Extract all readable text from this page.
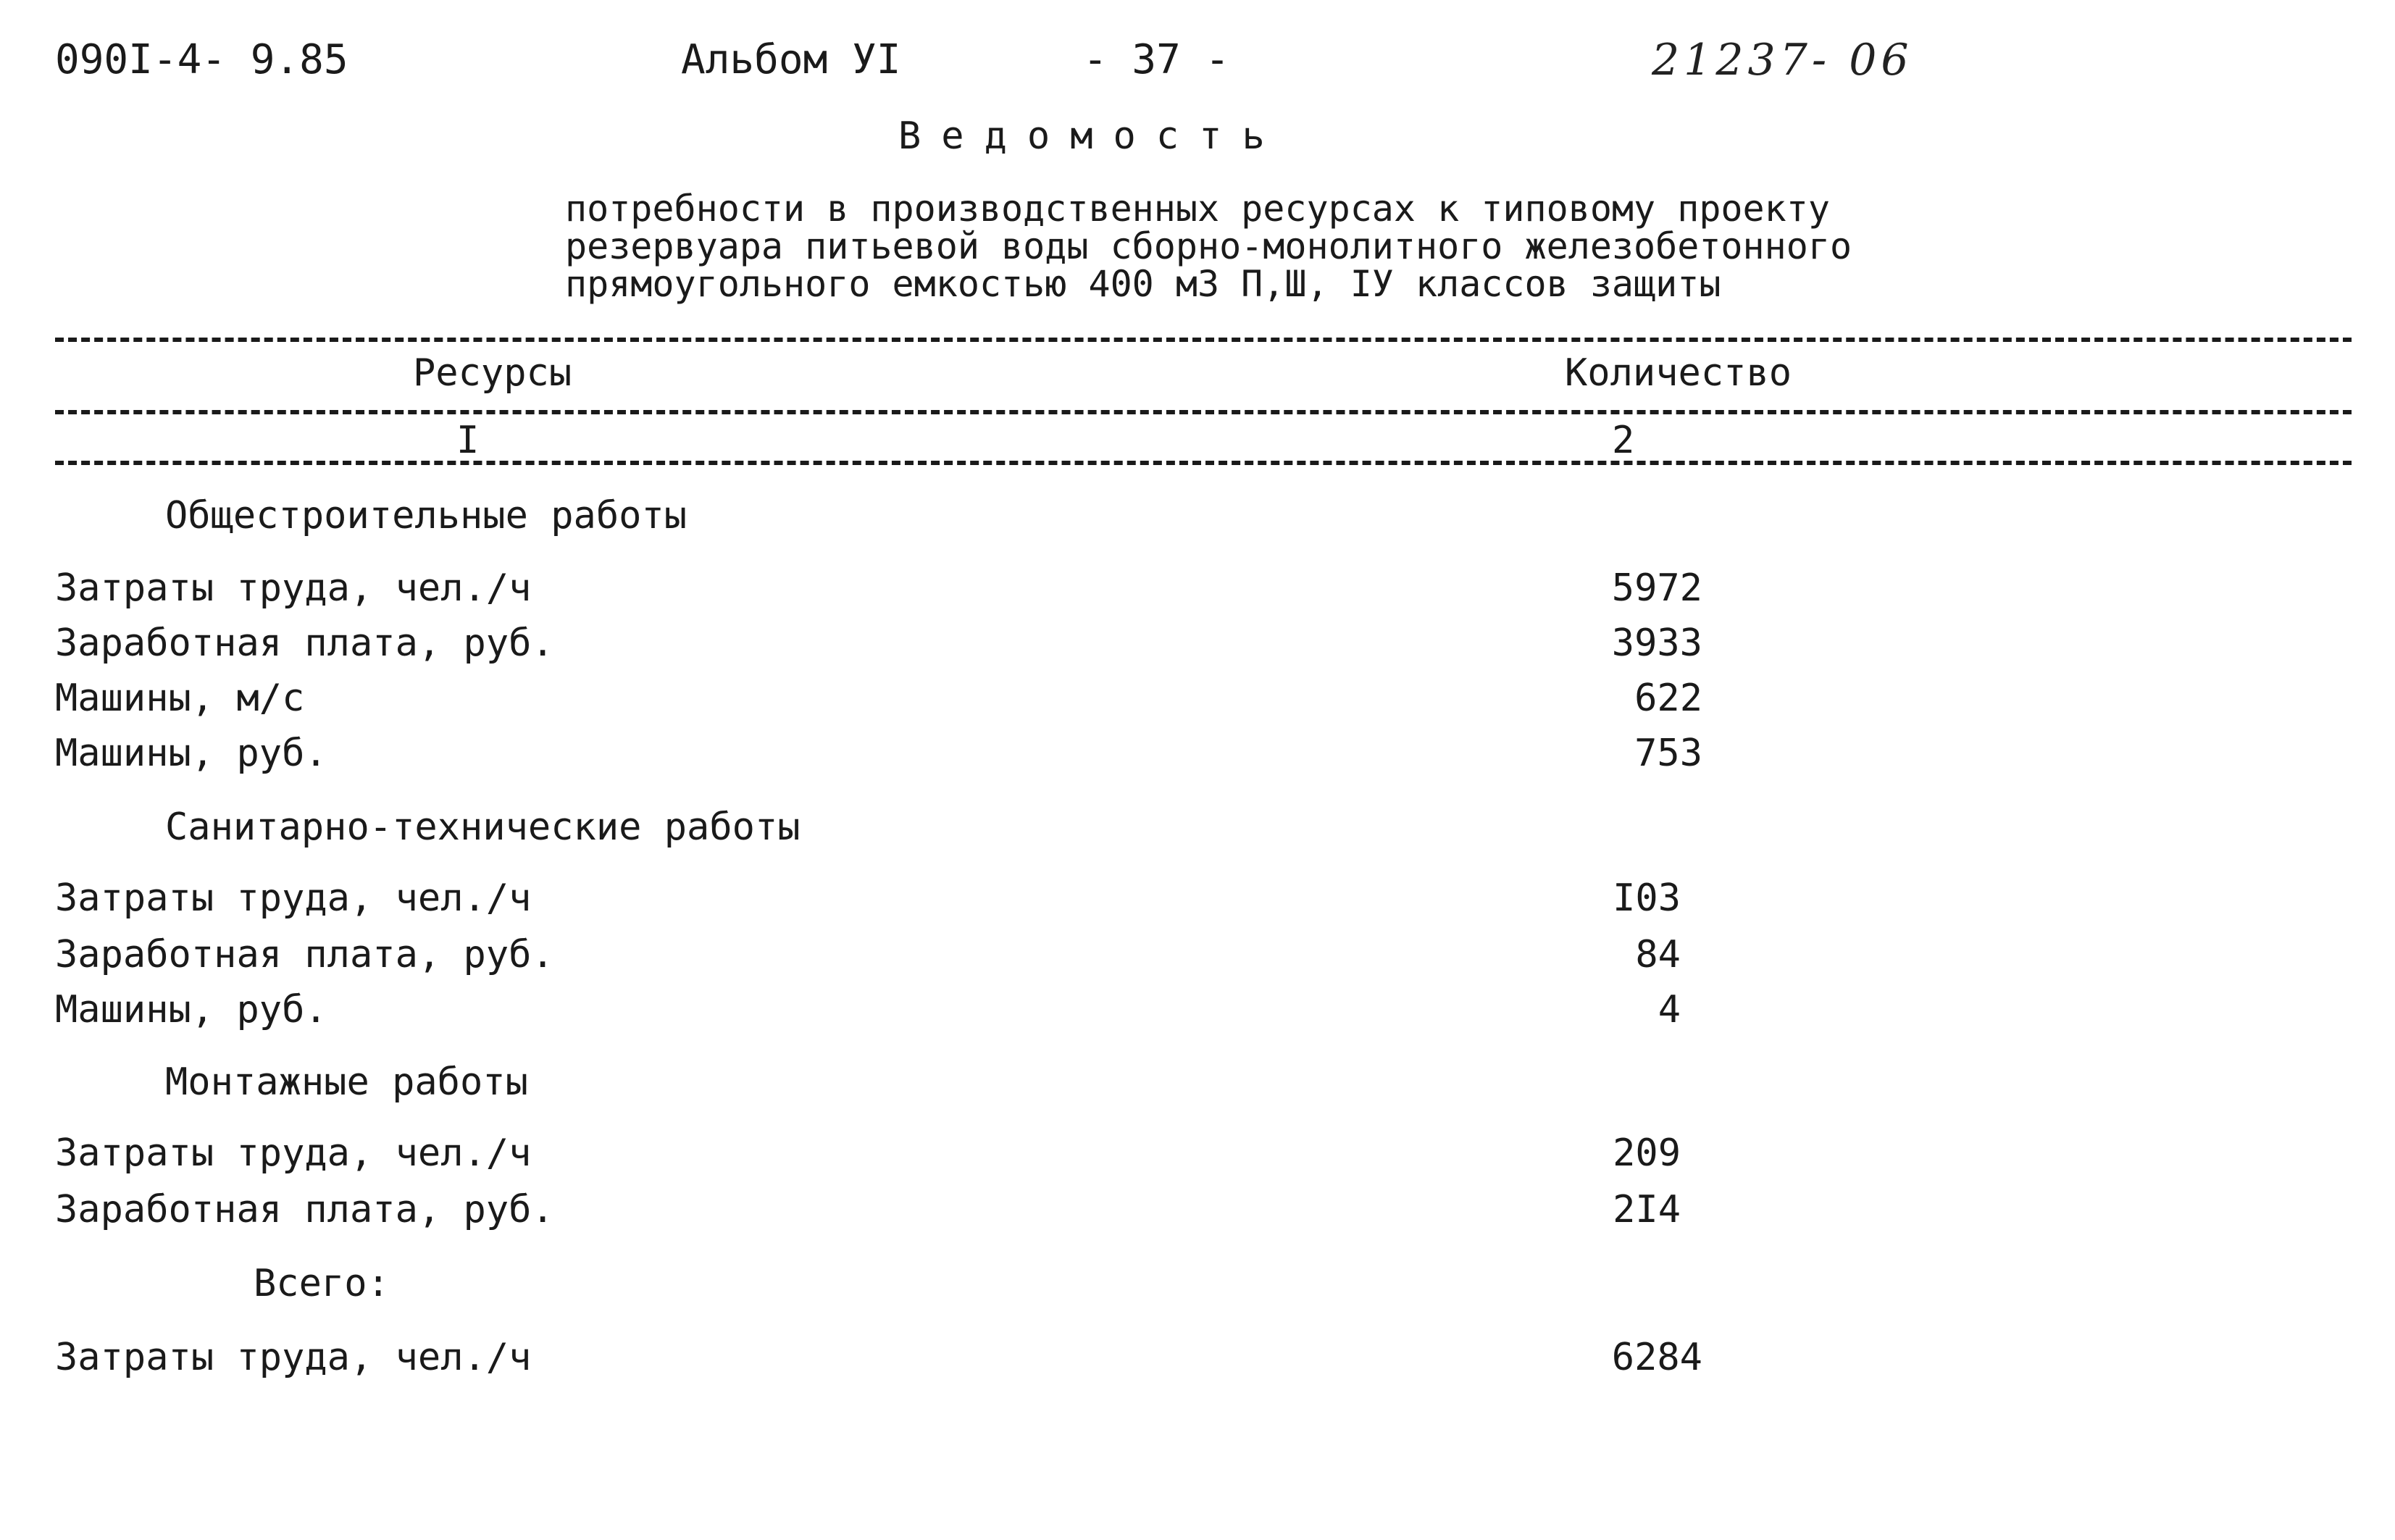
090I-4- 9.85	Альбом УI	- 37 -	21237- 06
Ведомость
потребности в производственных ресурсах к типовому проекту
резервуара питьевой воды сборно-монолитного железобетонного
прямоугольного емкостью 400 м3 П,Ш, IУ классов защиты
Ресурсы	Количество
I	2
Общестроительные работы
Затраты труда, чел./ч	5972
Заработная плата, руб.	3933
Машины, м/с	622
Машины, руб.	753
Санитарно-технические работы
Затраты труда, чел./ч	I03
Заработная плата, руб.	84
Машины, руб.	4
Монтажные работы
Затраты труда, чел./ч	209
Заработная плата, руб.	2I4
Всего:
Затраты труда, чел./ч	6284
